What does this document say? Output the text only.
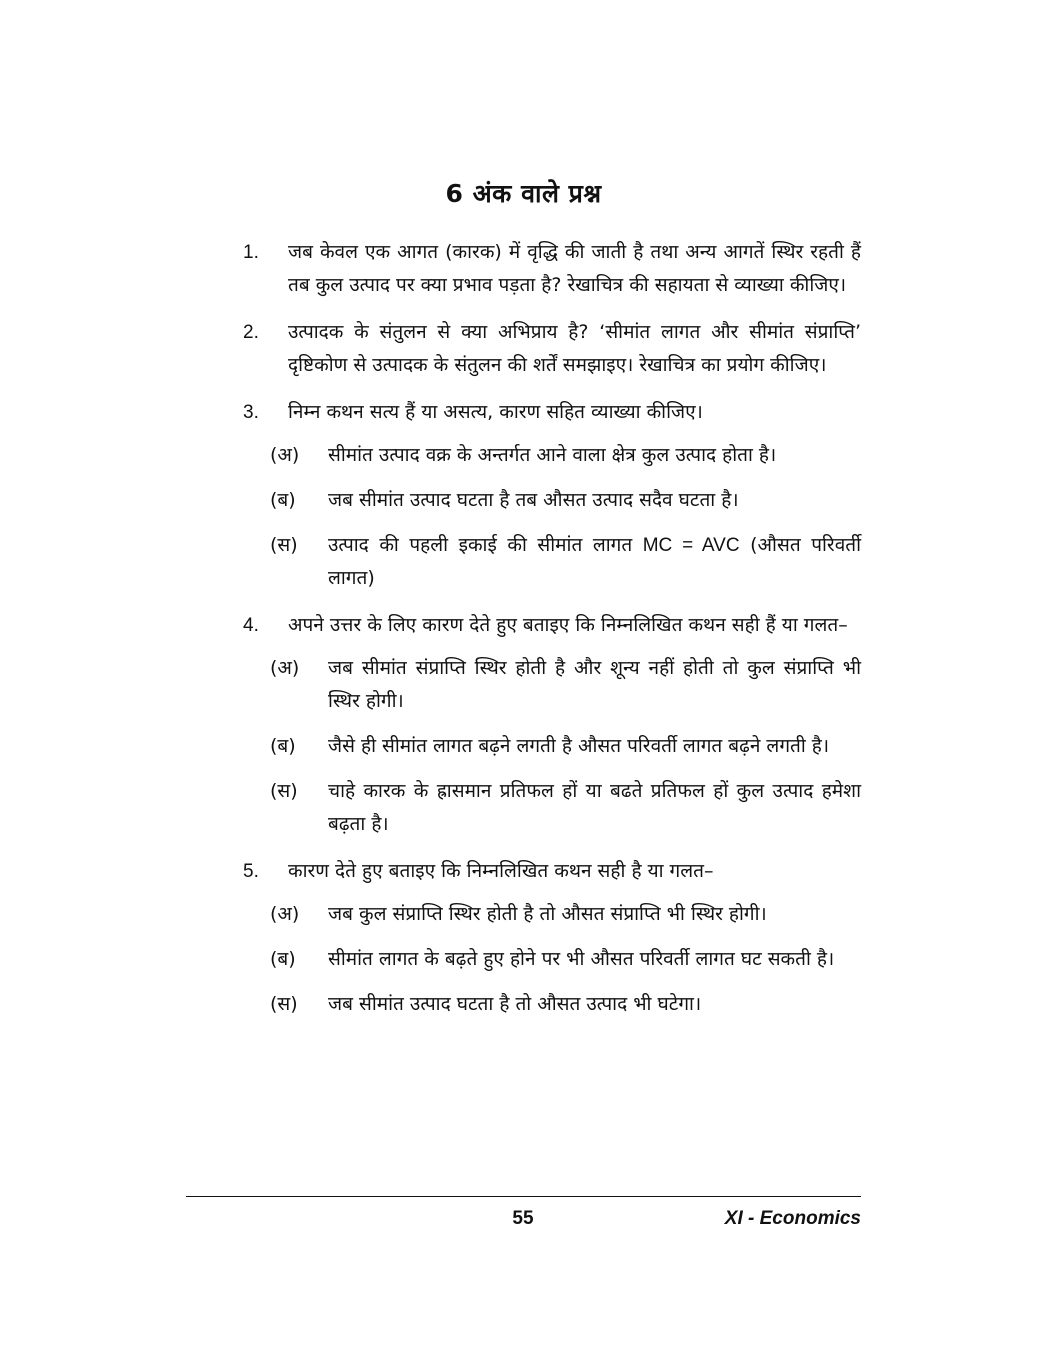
6 अंक वाले प्रश्न
1.	जब केवल एक आगत (कारक) में वृद्धि की जाती है तथा अन्य आगतें स्थिर रहती हैं तब कुल उत्पाद पर क्या प्रभाव पड़ता है? रेखाचित्र की सहायता से व्याख्या कीजिए।
2.	उत्पादक के संतुलन से क्या अभिप्राय है? ‘सीमांत लागत और सीमांत संप्राप्ति’ दृष्टिकोण से उत्पादक के संतुलन की शर्तें समझाइए। रेखाचित्र का प्रयोग कीजिए।
3.	निम्न कथन सत्य हैं या असत्य, कारण सहित व्याख्या कीजिए।
(अ)	सीमांत उत्पाद वक्र के अन्तर्गत आने वाला क्षेत्र कुल उत्पाद होता है।
(ब)	जब सीमांत उत्पाद घटता है तब औसत उत्पाद सदैव घटता है।
(स)	उत्पाद की पहली इकाई की सीमांत लागत MC = AVC (औसत परिवर्ती लागत)
4.	अपने उत्तर के लिए कारण देते हुए बताइए कि निम्नलिखित कथन सही हैं या गलत–
(अ)	जब सीमांत संप्राप्ति स्थिर होती है और शून्य नहीं होती तो कुल संप्राप्ति भी स्थिर होगी।
(ब)	जैसे ही सीमांत लागत बढ़ने लगती है औसत परिवर्ती लागत बढ़ने लगती है।
(स)	चाहे कारक के ह्रासमान प्रतिफल हों या बढते प्रतिफल हों कुल उत्पाद हमेशा बढ़ता है।
5.	कारण देते हुए बताइए कि निम्नलिखित कथन सही है या गलत–
(अ)	जब कुल संप्राप्ति स्थिर होती है तो औसत संप्राप्ति भी स्थिर होगी।
(ब)	सीमांत लागत के बढ़ते हुए होने पर भी औसत परिवर्ती लागत घट सकती है।
(स)	जब सीमांत उत्पाद घटता है तो औसत उत्पाद भी घटेगा।
55	XI - Economics
